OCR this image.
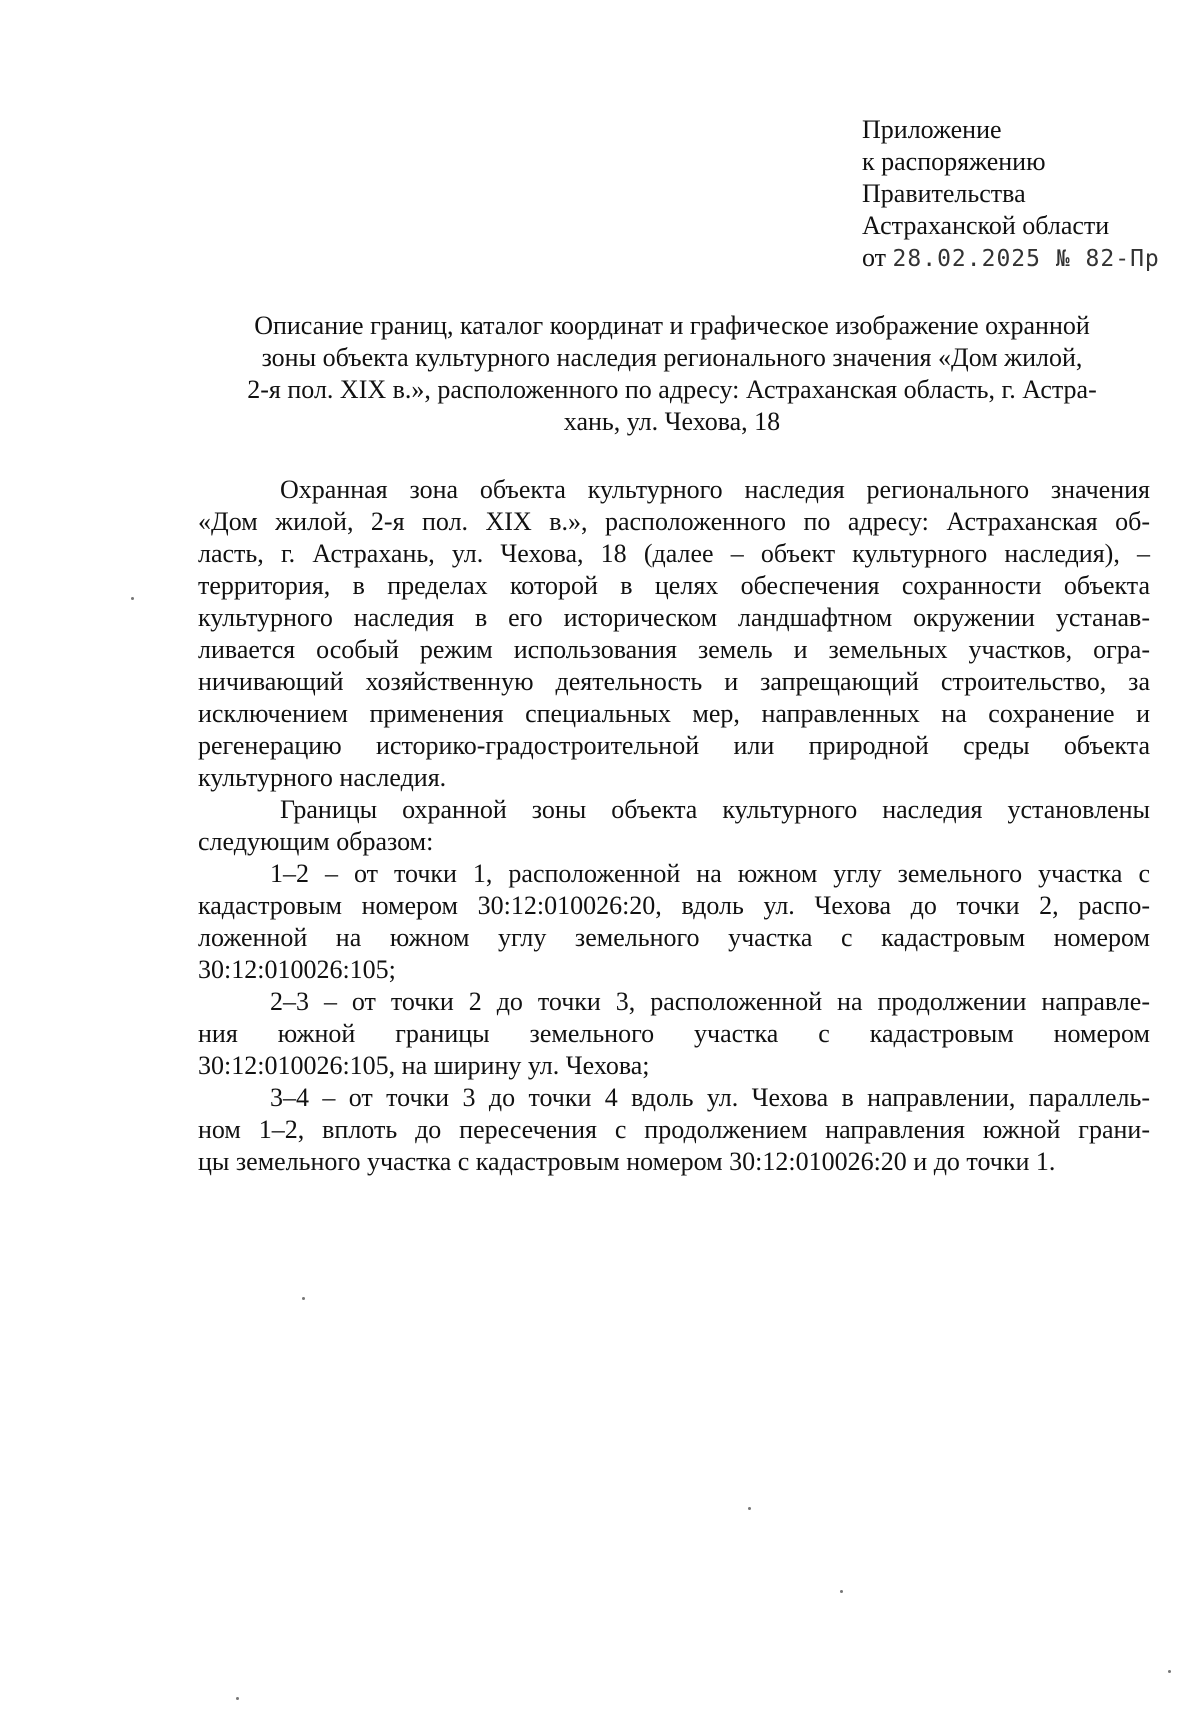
Приложение
к распоряжению
Правительства
Астраханской области
от 28.02.2025 № 82-Пр
Описание границ, каталог координат и графическое изображение охранной
зоны объекта культурного наследия регионального значения «Дом жилой,
2-я пол. XIX в.», расположенного по адресу: Астраханская область, г. Астра-
хань, ул. Чехова, 18
Охранная зона объекта культурного наследия регионального значения
«Дом жилой, 2-я пол. XIX в.», расположенного по адресу: Астраханская об-
ласть, г. Астрахань, ул. Чехова, 18 (далее – объект культурного наследия), –
территория, в пределах которой в целях обеспечения сохранности объекта
культурного наследия в его историческом ландшафтном окружении устанав-
ливается особый режим использования земель и земельных участков, огра-
ничивающий хозяйственную деятельность и запрещающий строительство, за
исключением применения специальных мер, направленных на сохранение и
регенерацию историко-градостроительной или природной среды объекта
культурного наследия.
Границы охранной зоны объекта культурного наследия установлены
следующим образом:
1–2 – от точки 1, расположенной на южном углу земельного участка с
кадастровым номером 30:12:010026:20, вдоль ул. Чехова до точки 2, распо-
ложенной на южном углу земельного участка с кадастровым номером
30:12:010026:105;
2–3 – от точки 2 до точки 3, расположенной на продолжении направле-
ния южной границы земельного участка с кадастровым номером
30:12:010026:105, на ширину ул. Чехова;
3–4 – от точки 3 до точки 4 вдоль ул. Чехова в направлении, параллель-
ном 1–2, вплоть до пересечения с продолжением направления южной грани-
цы земельного участка с кадастровым номером 30:12:010026:20 и до точки 1.
